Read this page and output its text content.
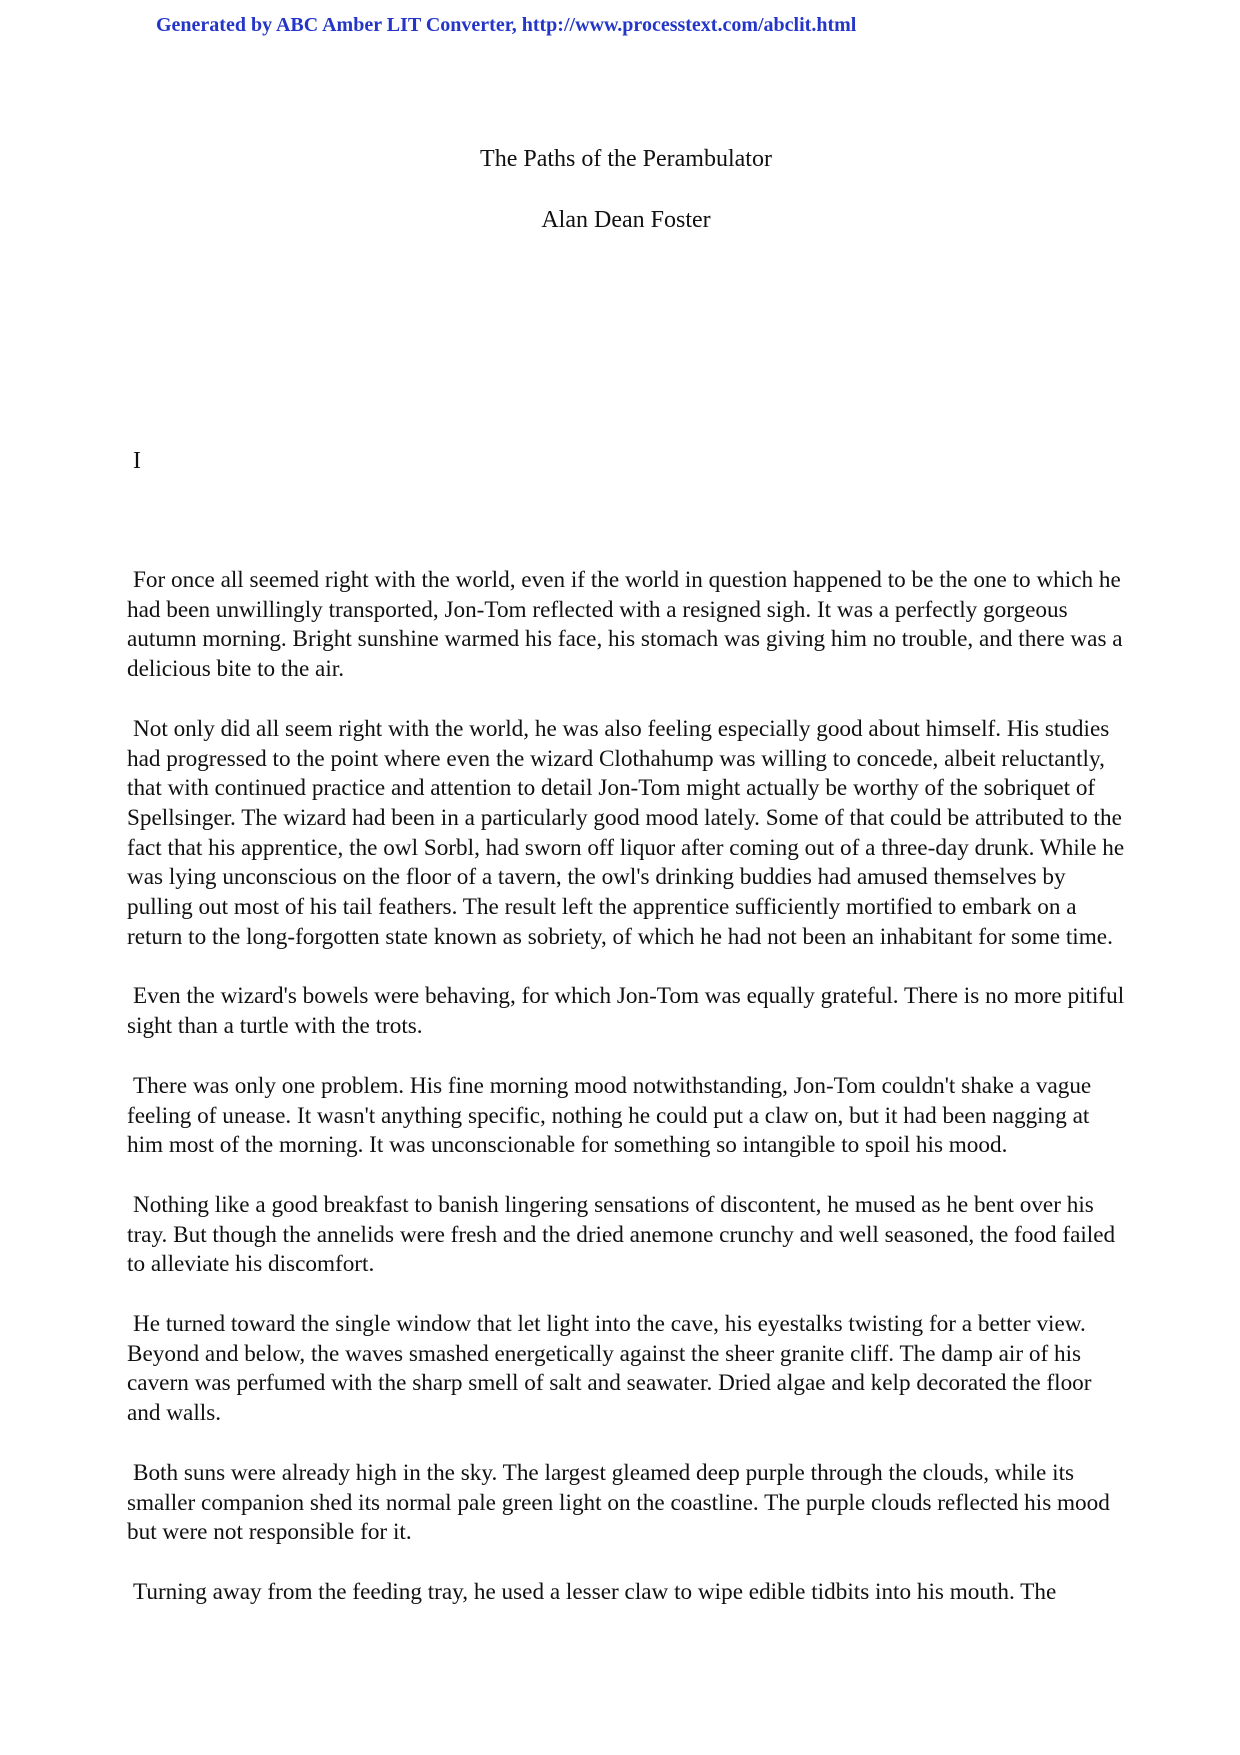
Generated by ABC Amber LIT Converter, http://www.processtext.com/abclit.html
The Paths of the Perambulator
Alan Dean Foster
I

For once all seemed right with the world, even if the world in question happened to be the one to which he had been unwillingly transported, Jon-Tom reflected with a resigned sigh. It was a perfectly gorgeous autumn morning. Bright sunshine warmed his face, his stomach was giving him no trouble, and there was a delicious bite to the air.

Not only did all seem right with the world, he was also feeling especially good about himself. His studies had progressed to the point where even the wizard Clothahump was willing to concede, albeit reluctantly, that with continued practice and attention to detail Jon-Tom might actually be worthy of the sobriquet of Spellsinger. The wizard had been in a particularly good mood lately. Some of that could be attributed to the fact that his apprentice, the owl Sorbl, had sworn off liquor after coming out of a three-day drunk. While he was lying unconscious on the floor of a tavern, the owl's drinking buddies had amused themselves by pulling out most of his tail feathers. The result left the apprentice sufficiently mortified to embark on a return to the long-forgotten state known as sobriety, of which he had not been an inhabitant for some time.

Even the wizard's bowels were behaving, for which Jon-Tom was equally grateful. There is no more pitiful sight than a turtle with the trots.

There was only one problem. His fine morning mood notwithstanding, Jon-Tom couldn't shake a vague feeling of unease. It wasn't anything specific, nothing he could put a claw on, but it had been nagging at him most of the morning. It was unconscionable for something so intangible to spoil his mood.

Nothing like a good breakfast to banish lingering sensations of discontent, he mused as he bent over his tray. But though the annelids were fresh and the dried anemone crunchy and well seasoned, the food failed to alleviate his discomfort.

He turned toward the single window that let light into the cave, his eyestalks twisting for a better view. Beyond and below, the waves smashed energetically against the sheer granite cliff. The damp air of his cavern was perfumed with the sharp smell of salt and seawater. Dried algae and kelp decorated the floor and walls.

Both suns were already high in the sky. The largest gleamed deep purple through the clouds, while its smaller companion shed its normal pale green light on the coastline. The purple clouds reflected his mood but were not responsible for it.

Turning away from the feeding tray, he used a lesser claw to wipe edible tidbits into his mouth. The
